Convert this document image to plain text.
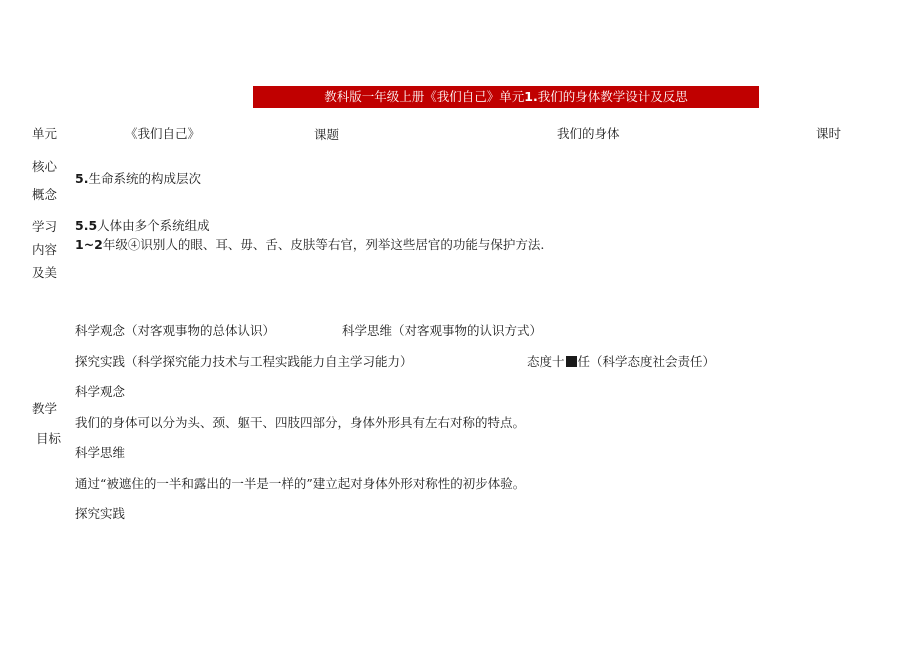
教科版一年级上册《我们自己》单元1.我们的身体教学设计及反思
单元	《我们自己》	课题	我们的身体	课时
核心
概念
5.生命系统的构成层次
学习
内容
及美
5.5人体由多个系统组成
1~2年级④识别人的眼、耳、毋、舌、皮肤等右官，列举这些居官的功能与保护方法.
教学
目标
科学观念（对客观事物的总体认识）	科学思维（对客观事物的认识方式）
探究实践（科学探究能力技术与工程实践能力自主学习能力）	态度十 任（科学态度社会责任）
科学观念
我们的身体可以分为头、颈、躯干、四肢四部分，身体外形具有左右对称的特点。
科学思维
通过“被遮住的一半和露出的一半是一样的”建立起对身体外形对称性的初步体验。
探究实践
